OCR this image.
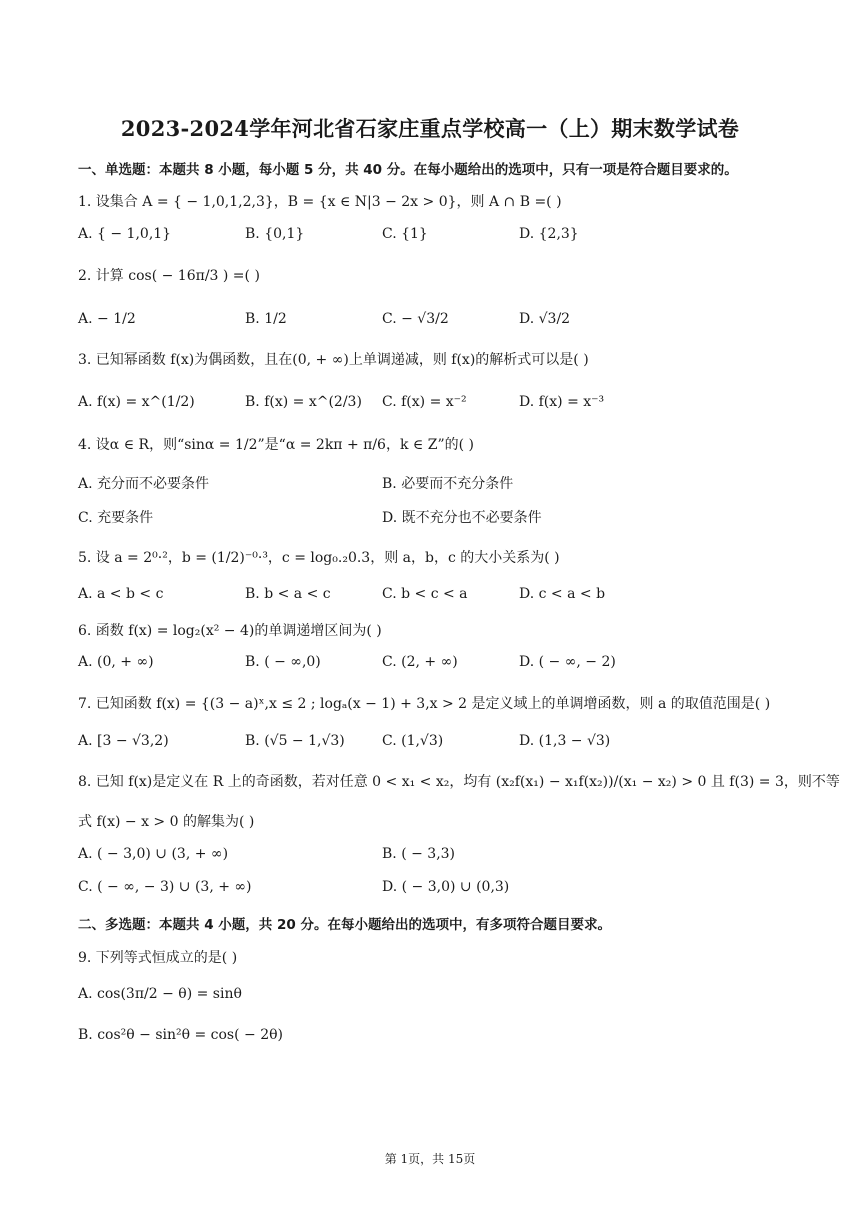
2023-2024学年河北省石家庄重点学校高一（上）期末数学试卷
一、单选题：本题共 8 小题，每小题 5 分，共 40 分。在每小题给出的选项中，只有一项是符合题目要求的。
1. 设集合 A = { − 1,0,1,2,3}，B = {x ∈ N|3 − 2x > 0}，则 A ∩ B =( )
A. { − 1,0,1}	B. {0,1}	C. {1}	D. {2,3}
2. 计算 cos( − 16π/3 ) =( )
A. − 1/2	B. 1/2	C. − √3/2	D. √3/2
3. 已知幂函数 f(x)为偶函数，且在(0, + ∞)上单调递减，则 f(x)的解析式可以是( )
A. f(x) = x^(1/2)	B. f(x) = x^(2/3) C. f(x) = x⁻²	D. f(x) = x⁻³
4. 设α ∈ R，则“sinα = 1/2”是“α = 2kπ + π/6，k ∈ Z”的( )
A. 充分而不必要条件	B. 必要而不充分条件
C. 充要条件	D. 既不充分也不必要条件
5. 设 a = 2⁰·²，b = (1/2)⁻⁰·³，c = log₀.₂0.3，则 a，b，c 的大小关系为( )
A. a < b < c	B. b < a < c	C. b < c < a	D. c < a < b
6. 函数 f(x) = log₂(x² − 4)的单调递增区间为( )
A. (0, + ∞)	B. ( − ∞,0)	C. (2, + ∞)	D. ( − ∞, − 2)
7. 已知函数 f(x) = {(3 − a)ˣ,x ≤ 2 ; logₐ(x − 1) + 3,x > 2 是定义域上的单调增函数，则 a 的取值范围是( )
A. [3 − √3,2)	B. (√5 − 1,√3)	C. (1,√3)	D. (1,3 − √3)
8. 已知 f(x)是定义在 R 上的奇函数，若对任意 0 < x₁ < x₂，均有 (x₂f(x₁) − x₁f(x₂))/(x₁ − x₂) > 0 且 f(3) = 3，则不等
式 f(x) − x > 0 的解集为( )
A. ( − 3,0) ∪ (3, + ∞)	B. ( − 3,3)
C. ( − ∞, − 3) ∪ (3, + ∞)	D. ( − 3,0) ∪ (0,3)
二、多选题：本题共 4 小题，共 20 分。在每小题给出的选项中，有多项符合题目要求。
9. 下列等式恒成立的是( )
A. cos(3π/2 − θ) = sinθ
B. cos²θ − sin²θ = cos( − 2θ)
第 1页，共 15页
